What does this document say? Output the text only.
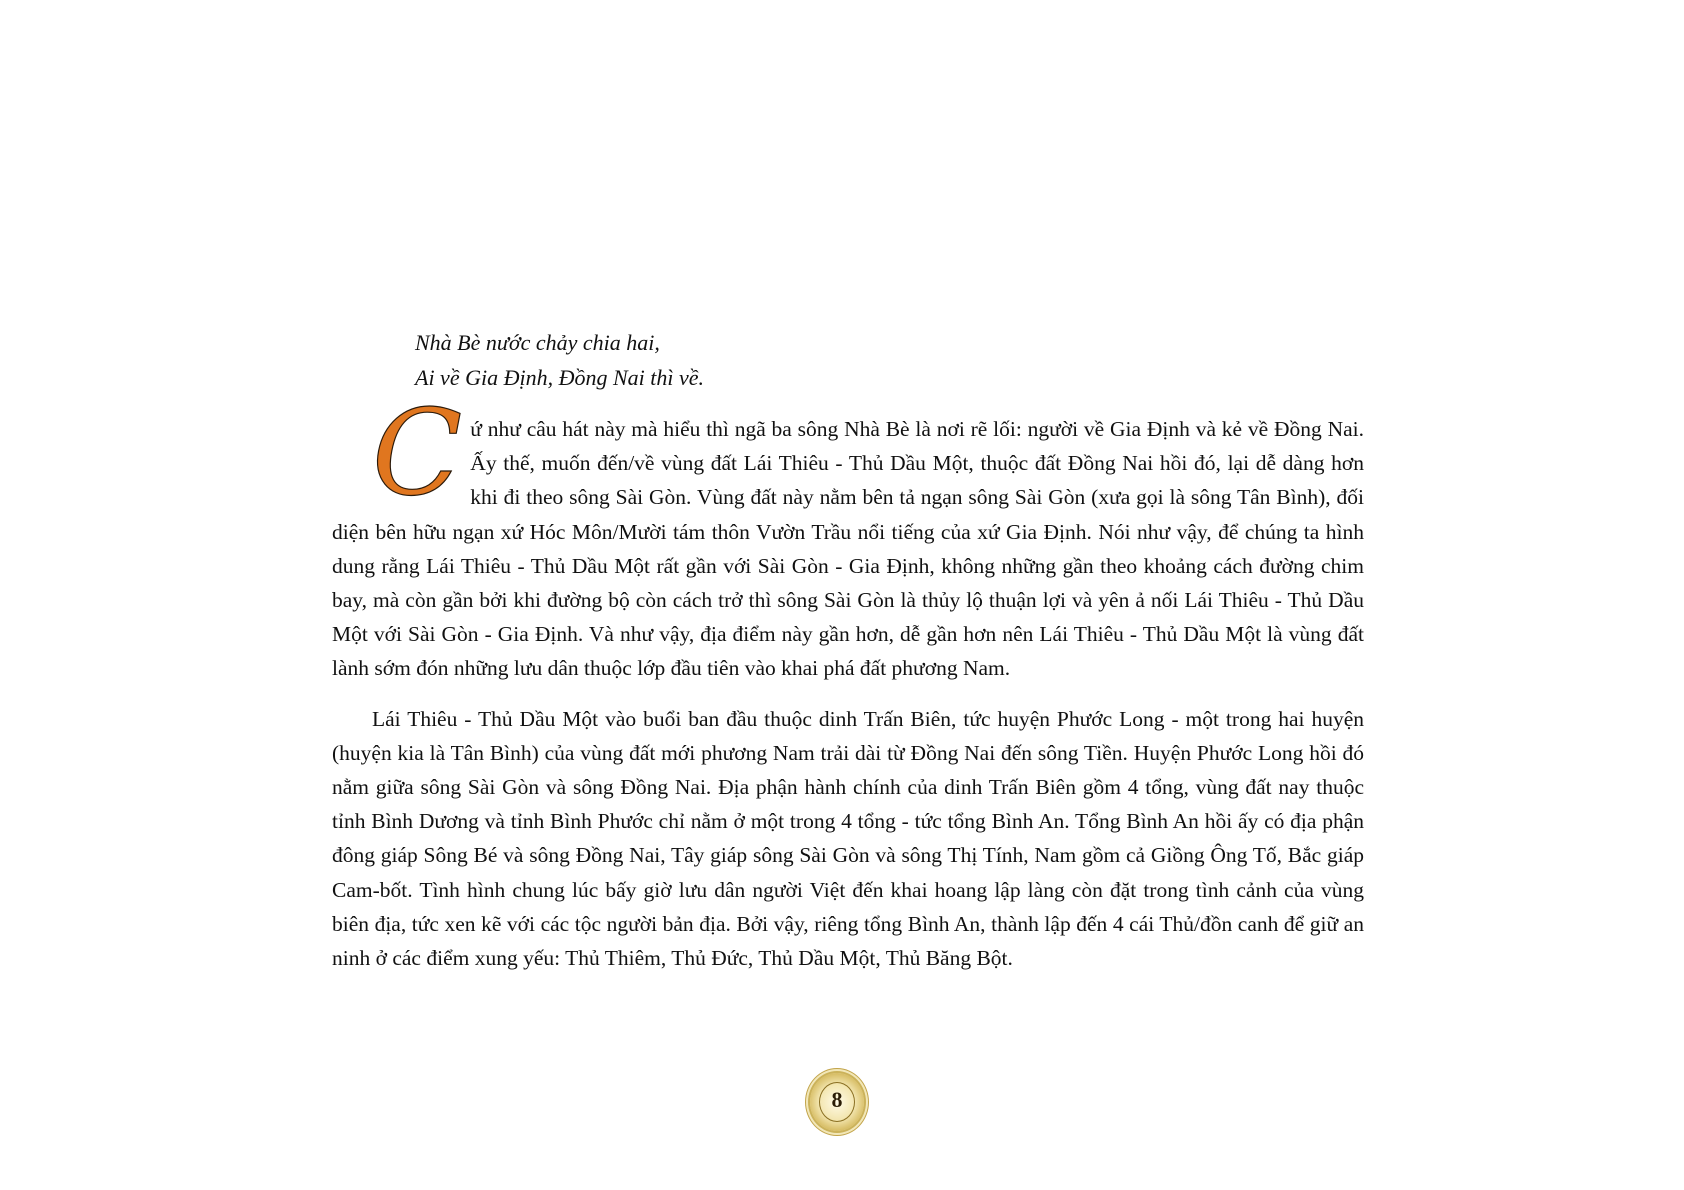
Nhà Bè nước chảy chia hai,
Ai về Gia Định, Đồng Nai thì về.

Cứ như câu hát này mà hiểu thì ngã ba sông Nhà Bè là nơi rẽ lối: người về Gia Định và kẻ về Đồng Nai. Ấy thế, muốn đến/về vùng đất Lái Thiêu - Thủ Dầu Một, thuộc đất Đồng Nai hồi đó, lại dễ dàng hơn khi đi theo sông Sài Gòn. Vùng đất này nằm bên tả ngạn sông Sài Gòn (xưa gọi là sông Tân Bình), đối diện bên hữu ngạn xứ Hóc Môn/Mười tám thôn Vườn Trầu nổi tiếng của xứ Gia Định. Nói như vậy, để chúng ta hình dung rằng Lái Thiêu - Thủ Dầu Một rất gần với Sài Gòn - Gia Định, không những gần theo khoảng cách đường chim bay, mà còn gần bởi khi đường bộ còn cách trở thì sông Sài Gòn là thủy lộ thuận lợi và yên ả nối Lái Thiêu - Thủ Dầu Một với Sài Gòn - Gia Định. Và như vậy, địa điểm này gần hơn, dễ gần hơn nên Lái Thiêu - Thủ Dầu Một là vùng đất lành sớm đón những lưu dân thuộc lớp đầu tiên vào khai phá đất phương Nam.

Lái Thiêu - Thủ Dầu Một vào buổi ban đầu thuộc dinh Trấn Biên, tức huyện Phước Long - một trong hai huyện (huyện kia là Tân Bình) của vùng đất mới phương Nam trải dài từ Đồng Nai đến sông Tiền. Huyện Phước Long hồi đó nằm giữa sông Sài Gòn và sông Đồng Nai. Địa phận hành chính của dinh Trấn Biên gồm 4 tổng, vùng đất nay thuộc tỉnh Bình Dương và tỉnh Bình Phước chỉ nằm ở một trong 4 tổng - tức tổng Bình An. Tổng Bình An hồi ấy có địa phận đông giáp Sông Bé và sông Đồng Nai, Tây giáp sông Sài Gòn và sông Thị Tính, Nam gồm cả Giồng Ông Tố, Bắc giáp Cam-bốt. Tình hình chung lúc bấy giờ lưu dân người Việt đến khai hoang lập làng còn đặt trong tình cảnh của vùng biên địa, tức xen kẽ với các tộc người bản địa. Bởi vậy, riêng tổng Bình An, thành lập đến 4 cái Thủ/đồn canh để giữ an ninh ở các điểm xung yếu: Thủ Thiêm, Thủ Đức, Thủ Dầu Một, Thủ Băng Bột.

8
